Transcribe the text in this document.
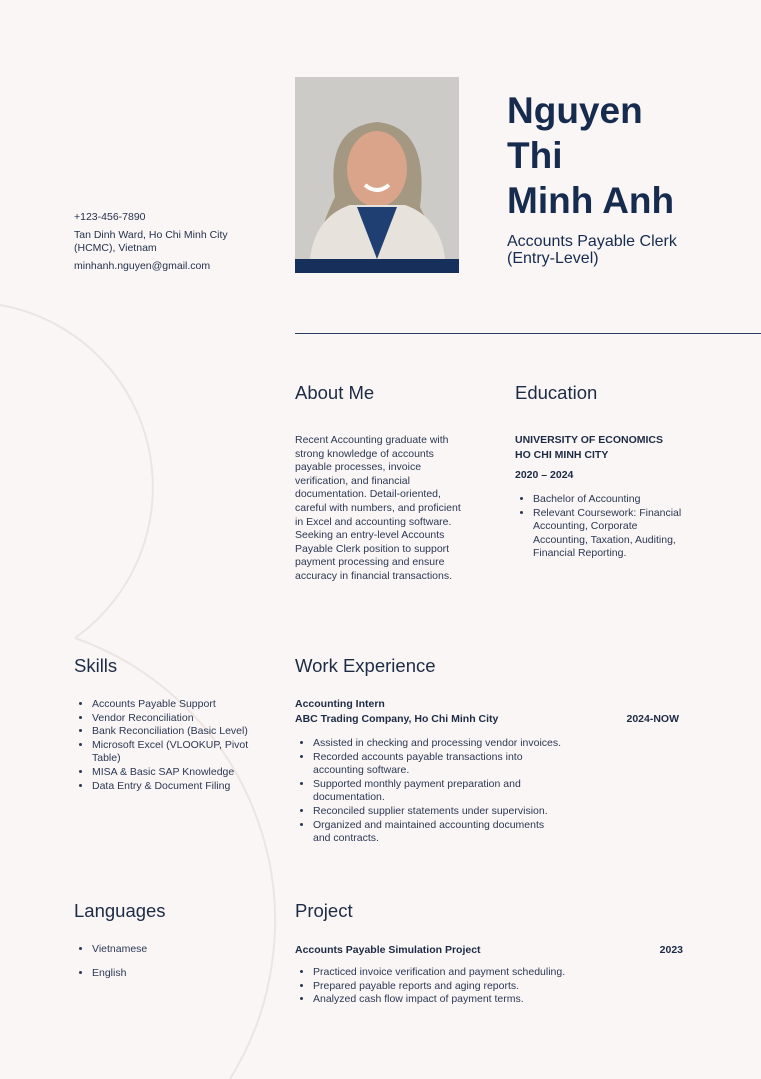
+123-456-7890
Tan Dinh Ward, Ho Chi Minh City (HCMC), Vietnam
minhanh.nguyen@gmail.com
Nguyen
Thi
Minh Anh
Accounts Payable Clerk (Entry-Level)
About Me
Recent Accounting graduate with strong knowledge of accounts payable processes, invoice verification, and financial documentation. Detail-oriented, careful with numbers, and proficient in Excel and accounting software. Seeking an entry-level Accounts Payable Clerk position to support payment processing and ensure accuracy in financial transactions.
Education
UNIVERSITY OF ECONOMICS
HO CHI MINH CITY
2020 – 2024
• Bachelor of Accounting
• Relevant Coursework: Financial Accounting, Corporate Accounting, Taxation, Auditing, Financial Reporting.
Skills
• Accounts Payable Support
• Vendor Reconciliation
• Bank Reconciliation (Basic Level)
• Microsoft Excel (VLOOKUP, Pivot Table)
• MISA & Basic SAP Knowledge
• Data Entry & Document Filing
Work Experience
Accounting Intern
ABC Trading Company, Ho Chi Minh City	2024-NOW
• Assisted in checking and processing vendor invoices.
• Recorded accounts payable transactions into accounting software.
• Supported monthly payment preparation and documentation.
• Reconciled supplier statements under supervision.
• Organized and maintained accounting documents and contracts.
Languages
• Vietnamese
• English
Project
Accounts Payable Simulation Project	2023
• Practiced invoice verification and payment scheduling.
• Prepared payable reports and aging reports.
• Analyzed cash flow impact of payment terms.
